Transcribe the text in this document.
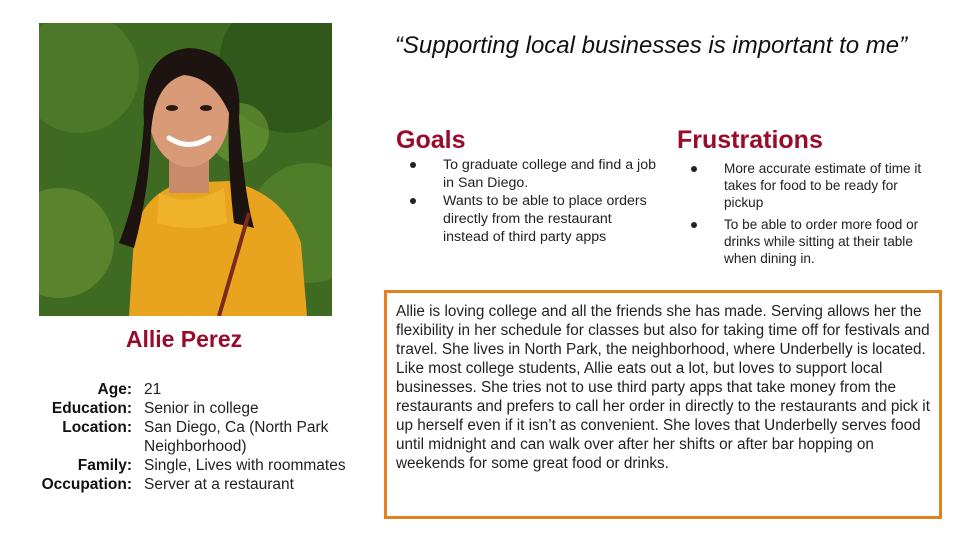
Allie Perez
Age: 21
Education: Senior in college
Location: San Diego, Ca (North Park Neighborhood)
Family: Single, Lives with roommates
Occupation: Server at a restaurant

“Supporting local businesses is important to me”

Goals
To graduate college and find a job in San Diego.
Wants to be able to place orders directly from the restaurant instead of third party apps
Frustrations
More accurate estimate of time it takes for food to be ready for pickup
To be able to order more food or drinks while sitting at their table when dining in.
Allie is loving college and all the friends she has made. Serving allows her the flexibility in her schedule for classes but also for taking time off for festivals and travel. She lives in North Park, the neighborhood, where Underbelly is located. Like most college students, Allie eats out a lot, but loves to support local businesses. She tries not to use third party apps that take money from the restaurants and prefers to call her order in directly to the restaurants and pick it up herself even if it isn’t as convenient. She loves that Underbelly serves food until midnight and can walk over after her shifts or after bar hopping on weekends for some great food or drinks.
